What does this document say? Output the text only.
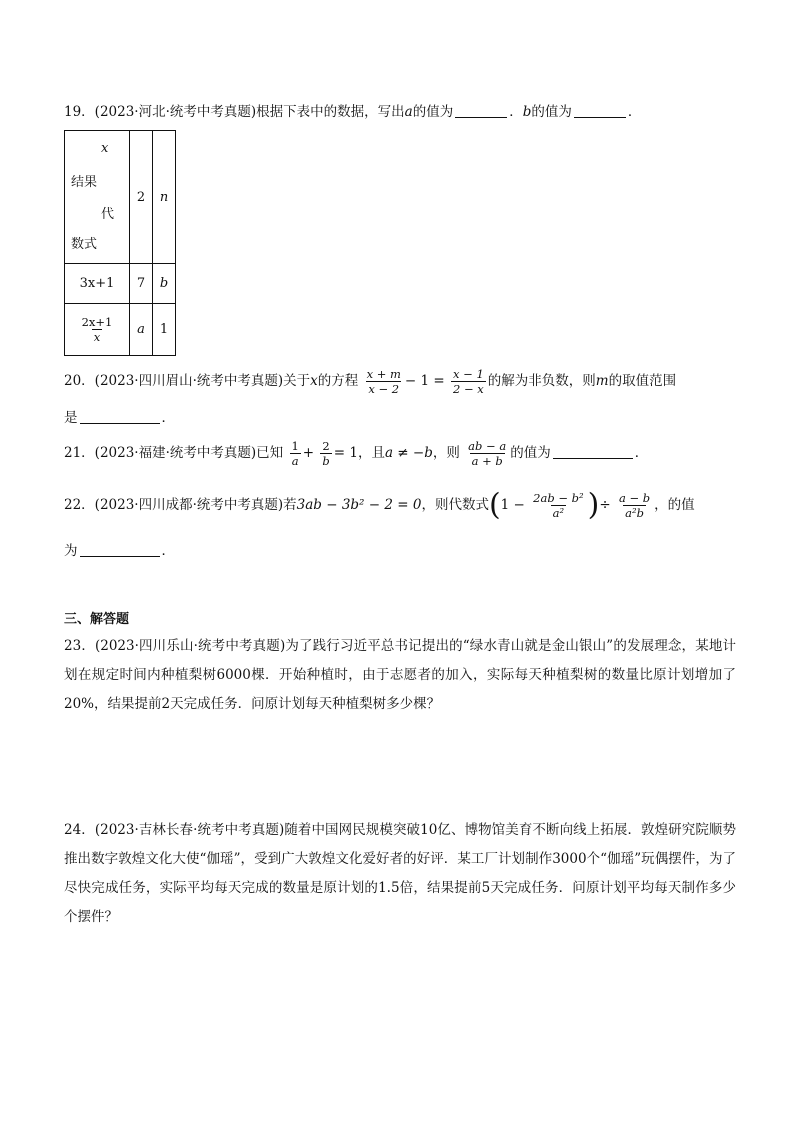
19．(2023·河北·统考中考真题)根据下表中的数据，写出a的值为	．b的值为	．
x
结果
代
数式	2	n
3x+1	7	b

$\frac{2x+1}{x}$	a	1
20．(2023·四川眉山·统考中考真题)关于x的方程 $\frac{x + m}{x - 2} - 1 = \frac{x - 1}{2 - x}$ 的解为非负数，则m的取值范围
是	．
21．(2023·福建·统考中考真题)已知 $\frac{1}{a} + \frac{2}{b} = 1$，且a ≠ −b，则 $\frac{ab - a}{a + b}$ 的值为	．
22．(2023·四川成都·统考中考真题)若3ab − 3b² − 2 = 0，则代数式($1 - \frac{\text{2ab − b²}}{\text{a²}}$ )÷ $\frac{a - b}{\text{a²b}}$ ，的值
为	．
三、解答题
23．(2023·四川乐山·统考中考真题)为了践行习近平总书记提出的“绿水青山就是金山银山”的发展理念，某地计划在规定时间内种植梨树6000棵．开始种植时，由于志愿者的加入，实际每天种植梨树的数量比原计划增加了20%，结果提前2天完成任务．问原计划每天种植梨树多少棵？
24．(2023·吉林长春·统考中考真题)随着中国网民规模突破10亿、博物馆美育不断向线上拓展．敦煌研究院顺势推出数字敦煌文化大使“伽瑶”，受到广大敦煌文化爱好者的好评．某工厂计划制作3000个“伽瑶”玩偶摆件，为了尽快完成任务，实际平均每天完成的数量是原计划的1.5倍，结果提前5天完成任务．问原计划平均每天制作多少个摆件？
